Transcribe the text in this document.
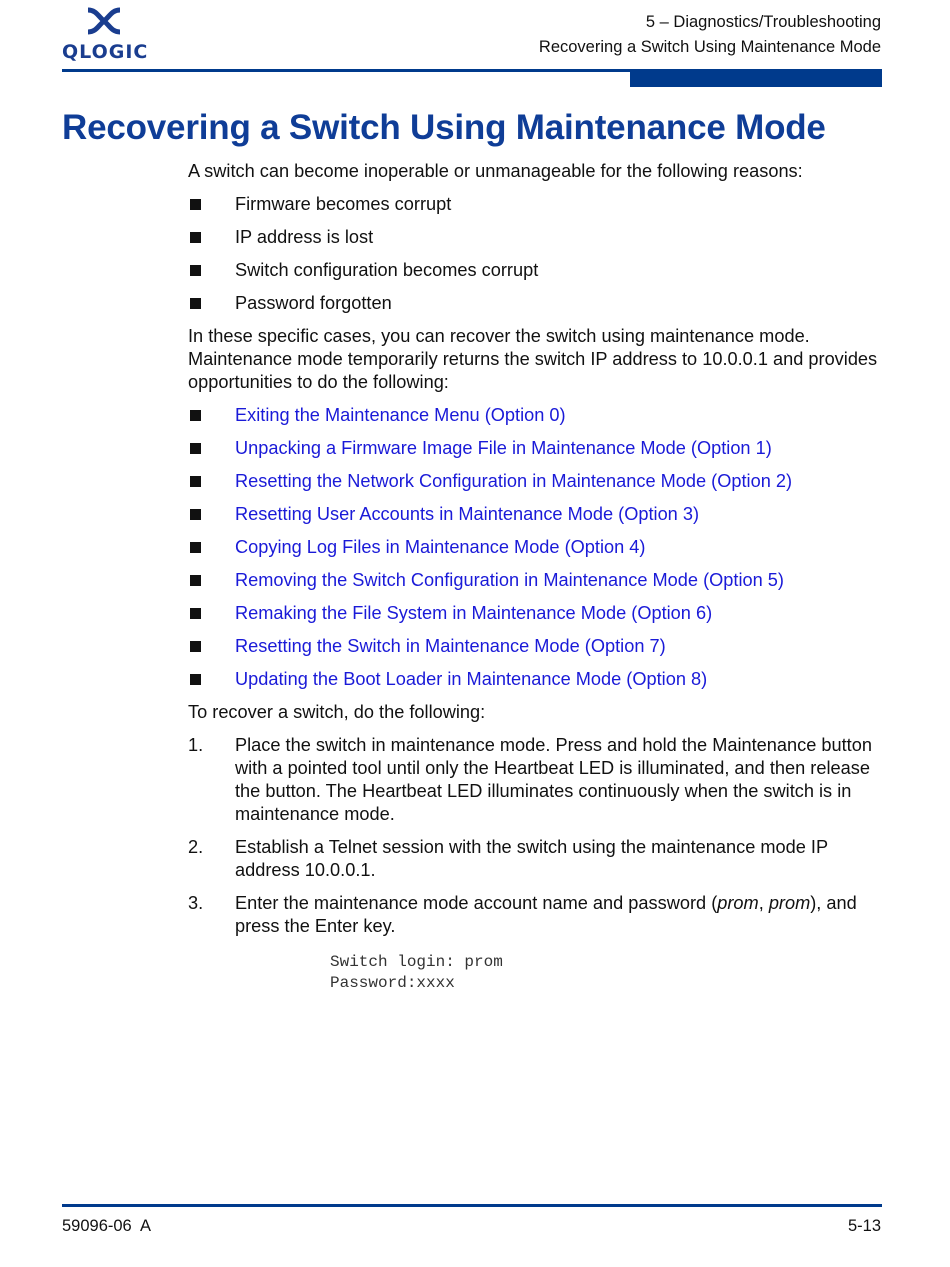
QLOGIC
5 – Diagnostics/Troubleshooting
Recovering a Switch Using Maintenance Mode
Recovering a Switch Using Maintenance Mode

A switch can become inoperable or unmanageable for the following reasons:

Firmware becomes corrupt
IP address is lost
Switch configuration becomes corrupt
Password forgotten

In these specific cases, you can recover the switch using maintenance mode. Maintenance mode temporarily returns the switch IP address to 10.0.0.1 and provides opportunities to do the following:

Exiting the Maintenance Menu (Option 0)
Unpacking a Firmware Image File in Maintenance Mode (Option 1)
Resetting the Network Configuration in Maintenance Mode (Option 2)
Resetting User Accounts in Maintenance Mode (Option 3)
Copying Log Files in Maintenance Mode (Option 4)
Removing the Switch Configuration in Maintenance Mode (Option 5)
Remaking the File System in Maintenance Mode (Option 6)
Resetting the Switch in Maintenance Mode (Option 7)
Updating the Boot Loader in Maintenance Mode (Option 8)

To recover a switch, do the following:

1. Place the switch in maintenance mode. Press and hold the Maintenance button with a pointed tool until only the Heartbeat LED is illuminated, and then release the button. The Heartbeat LED illuminates continuously when the switch is in maintenance mode.
2. Establish a Telnet session with the switch using the maintenance mode IP address 10.0.0.1.
3. Enter the maintenance mode account name and password (prom, prom), and press the Enter key.
Switch login: prom
Password:xxxx
59096-06  A	5-13
